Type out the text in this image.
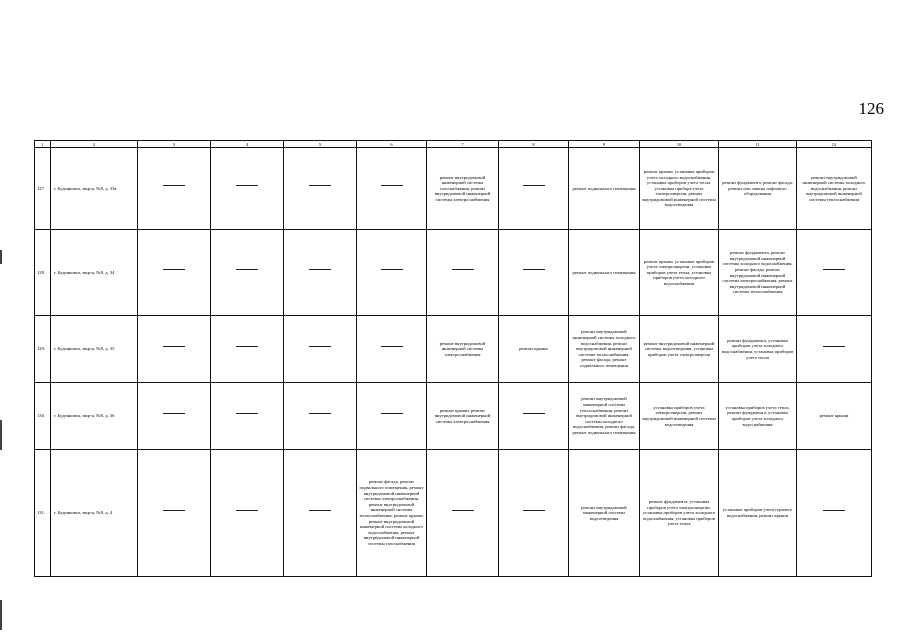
126
1	2	3	4	5	6	7	8	9	10	11	12
127.	г. Буденновск, мкр-н. №8, д. 33а					ремонт внутридомовой инженерной системы газоснабжения, ремонт внутридомовой инженерной системы электроснабжения		ремонт подвального помещения	ремонт крыши, установка приборов учета холодного водоснабжения, установка приборов учета тепла, установка прибора учета электроэнергии, ремонт внутридомовой инженерной системы водоотведения	ремонт фундамента, ремонт фасада, ремонт или замена лифтового оборудования	ремонт внутридомовой инженерной системы холодного водоснабжения, ремонт внутридомовой инженерной системы теплоснабжения
128.	г. Буденновск, мкр-н. №8, д. 34							ремонт подвального помещения	ремонт крыши, установка приборов учета электроэнергии, установка приборов учета тепла, установка приборов учета холодного водоснабжения	ремонт фундамента, ремонт внутридомовой инженерной системы холодного водоснабжения, ремонт фасада, ремонт внутридомовой инженерной системы электроснабжения, ремонт внутридомовой инженерной системы теплоснабжения	
129.	г. Буденновск, мкр-н. №8, д. 35					ремонт внутридомовой инженерной системы электроснабжения	ремонт крыши	ремонт внутридомовой инженерной системы холодного водоснабжения, ремонт внутридомовой инженерной системы теплоснабжения, ремонт фасада, ремонт подвального помещения	ремонт внутридомовой инженерной системы водоотведения, установка приборов учета электроэнергии	ремонт фундамента, установка приборов учета холодного водоснабжения, установка приборов учета тепла	
130.	г. Буденновск, мкр-н. №8, д. 36					ремонт крыши, ремонт внутридомовой инженерной системы электроснабжения		ремонт внутридомовой инженерной системы теплоснабжения, ремонт внутридомовой инженерной системы холодного водоснабжения, ремонт фасада, ремонт подвального помещения	установка приборов учета электроэнергии, ремонт внутридомовой инженерной системы водоотведения	установка приборов учета тепла, ремонт фундамента, установка приборов учета холодного водоснабжения	ремонт крыши
131.	г. Буденновск, мкр-н. №8, д. 4				ремонт фасада, ремонт подвального помещения, ремонт внутридомовой инженерной системы электроснабжения, ремонт внутридомовой инженерной системы теплоснабжения, ремонт крыши, ремонт внутридомовой инженерной системы холодного водоснабжения, ремонт внутридомовой инженерной системы газоснабжения			ремонт внутридомовой инженерной системы водоотведения	ремонт фундамента, установка приборов учета электроэнергии, установка приборов учета холодного водоснабжения, установка приборов учета тепла	установка приборов учета горячего водоснабжения, ремонт крыши	
